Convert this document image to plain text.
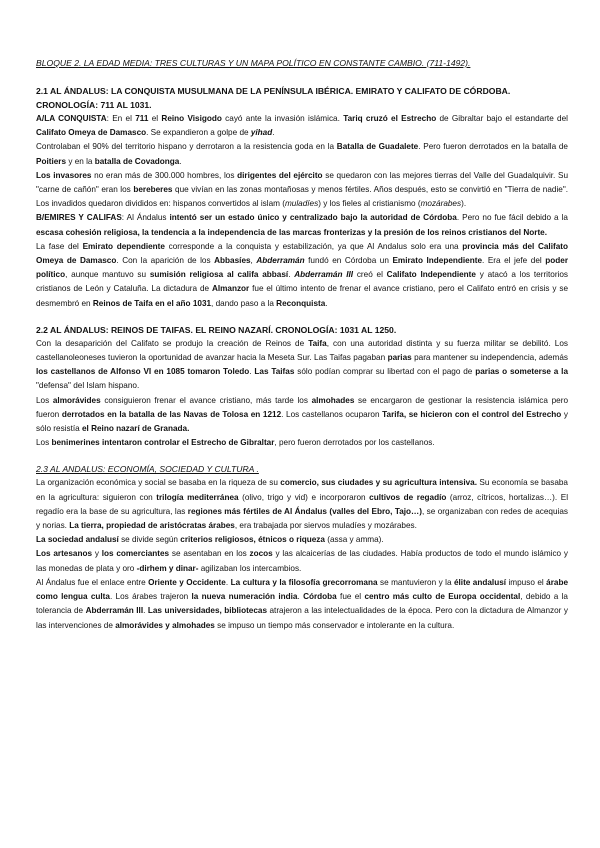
BLOQUE 2. LA EDAD MEDIA: TRES CULTURAS Y UN MAPA POLÍTICO EN CONSTANTE CAMBIO. (711-1492).
2.1 AL ÁNDALUS: LA CONQUISTA MUSULMANA DE LA PENÍNSULA IBÉRICA. EMIRATO Y CALIFATO DE CÓRDOBA. CRONOLOGÍA: 711 AL 1031.

A/LA CONQUISTA: En el 711 el Reino Visigodo cayó ante la invasión islámica. Tariq cruzó el Estrecho de Gibraltar bajo el estandarte del Califato Omeya de Damasco. Se expandieron a golpe de yihad.

Controlaban el 90% del territorio hispano y derrotaron a la resistencia goda en la Batalla de Guadalete. Pero fueron derrotados en la batalla de Poitiers y en la batalla de Covadonga.

Los invasores no eran más de 300.000 hombres, los dirigentes del ejército se quedaron con las mejores tierras del Valle del Guadalquivir. Su "carne de cañón" eran los bereberes que vivían en las zonas montañosas y menos fértiles. Años después, esto se convirtió en "Tierra de nadie". Los invadidos quedaron divididos en: hispanos convertidos al islam (muladíes) y los fieles al cristianismo (mozárabes).

B/EMIRES Y CALIFAS: Al Ándalus intentó ser un estado único y centralizado bajo la autoridad de Córdoba. Pero no fue fácil debido a la escasa cohesión religiosa, la tendencia a la independencia de las marcas fronterizas y la presión de los reinos cristianos del Norte.

La fase del Emirato dependiente corresponde a la conquista y estabilización, ya que Al Andalus solo era una provincia más del Califato Omeya de Damasco. Con la aparición de los Abbasíes, Abderramán fundó en Córdoba un Emirato Independiente. Era el jefe del poder político, aunque mantuvo su sumisión religiosa al califa abbasí. Abderramán III creó el Califato Independiente y atacó a los territorios cristianos de León y Cataluña. La dictadura de Almanzor fue el último intento de frenar el avance cristiano, pero el Califato entró en crisis y se desmembró en Reinos de Taifa en el año 1031, dando paso a la Reconquista.

2.2 AL ÁNDALUS: REINOS DE TAIFAS. EL REINO NAZARÍ. CRONOLOGÍA: 1031 AL 1250.

Con la desaparición del Califato se produjo la creación de Reinos de Taifa, con una autoridad distinta y su fuerza militar se debilitó. Los castellanoleoneses tuvieron la oportunidad de avanzar hacia la Meseta Sur. Las Taifas pagaban parias para mantener su independencia, además los castellanos de Alfonso VI en 1085 tomaron Toledo. Las Taifas sólo podían comprar su libertad con el pago de parias o someterse a la "defensa" del Islam hispano.

Los almorávides consiguieron frenar el avance cristiano, más tarde los almohades se encargaron de gestionar la resistencia islámica pero fueron derrotados en la batalla de las Navas de Tolosa en 1212. Los castellanos ocuparon Tarifa, se hicieron con el control del Estrecho y sólo resistía el Reino nazarí de Granada.

Los benimerines intentaron controlar el Estrecho de Gibraltar, pero fueron derrotados por los castellanos.

2.3 AL ANDALUS: ECONOMÍA, SOCIEDAD Y CULTURA .

La organización económica y social se basaba en la riqueza de su comercio, sus ciudades y su agricultura intensiva. Su economía se basaba en la agricultura: siguieron con trilogía mediterránea (olivo, trigo y vid) e incorporaron cultivos de regadío (arroz, cítricos, hortalizas…). El regadío era la base de su agricultura, las regiones más fértiles de Al Ándalus (valles del Ebro, Tajo…), se organizaban con redes de acequias y norias. La tierra, propiedad de aristócratas árabes, era trabajada por siervos muladíes y mozárabes.

La sociedad andalusí se divide según criterios religiosos, étnicos o riqueza (assa y amma).

Los artesanos y los comerciantes se asentaban en los zocos y las alcaicerías de las ciudades. Había productos de todo el mundo islámico y las monedas de plata y oro -dirhem y dinar- agilizaban los intercambios.

Al Ándalus fue el enlace entre Oriente y Occidente. La cultura y la filosofía grecorromana se mantuvieron y la élite andalusí impuso el árabe como lengua culta. Los árabes trajeron la nueva numeración india. Córdoba fue el centro más culto de Europa occidental, debido a la tolerancia de Abderramán III. Las universidades, bibliotecas atrajeron a las intelectualidades de la época. Pero con la dictadura de Almanzor y las intervenciones de almorávides y almohades se impuso un tiempo más conservador e intolerante en la cultura.
